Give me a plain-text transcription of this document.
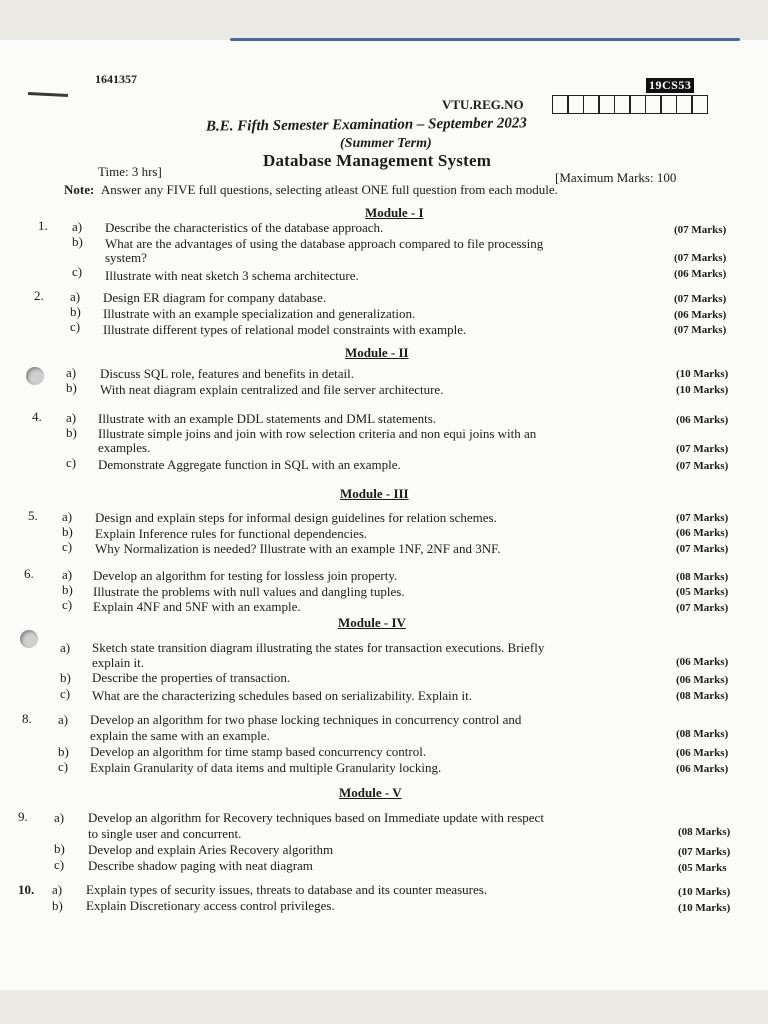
1641357	19CS53
VTU.REG.NO
B.E. Fifth Semester Examination – September 2023
(Summer Term)
Database Management System
Time: 3 hrs]	[Maximum Marks: 100
Note: Answer any FIVE full questions, selecting atleast ONE full question from each module.
Module - I
1. a) Describe the characteristics of the database approach.	(07 Marks)
b) What are the advantages of using the database approach compared to file processing
system?	(07 Marks)
c) Illustrate with neat sketch 3 schema architecture.	(06 Marks)
2. a) Design ER diagram for company database.	(07 Marks)
b) Illustrate with an example specialization and generalization.	(06 Marks)
c) Illustrate different types of relational model constraints with example.	(07 Marks)
Module - II
a) Discuss SQL role, features and benefits in detail.	(10 Marks)
b) With neat diagram explain centralized and file server architecture.	(10 Marks)
4. a) Illustrate with an example DDL statements and DML statements.	(06 Marks)
b) Illustrate simple joins and join with row selection criteria and non equi joins with an
examples.	(07 Marks)
c) Demonstrate Aggregate function in SQL with an example.	(07 Marks)
Module - III
5. a) Design and explain steps for informal design guidelines for relation schemes.	(07 Marks)
b) Explain Inference rules for functional dependencies.	(06 Marks)
c) Why Normalization is needed? Illustrate with an example 1NF, 2NF and 3NF.	(07 Marks)
6. a) Develop an algorithm for testing for lossless join property.	(08 Marks)
b) Illustrate the problems with null values and dangling tuples.	(05 Marks)
c) Explain 4NF and 5NF with an example.	(07 Marks)
Module - IV
a) Sketch state transition diagram illustrating the states for transaction executions. Briefly
explain it.	(06 Marks)
b) Describe the properties of transaction.	(06 Marks)
c) What are the characterizing schedules based on serializability. Explain it.	(08 Marks)
8. a) Develop an algorithm for two phase locking techniques in concurrency control and
explain the same with an example.	(08 Marks)
b) Develop an algorithm for time stamp based concurrency control.	(06 Marks)
c) Explain Granularity of data items and multiple Granularity locking.	(06 Marks)
Module - V
9. a) Develop an algorithm for Recovery techniques based on Immediate update with respect
to single user and concurrent.	(08 Marks)
b) Develop and explain Aries Recovery algorithm	(07 Marks)
c) Describe shadow paging with neat diagram	(05 Marks
10. a) Explain types of security issues, threats to database and its counter measures.	(10 Marks)
b) Explain Discretionary access control privileges.	(10 Marks)
